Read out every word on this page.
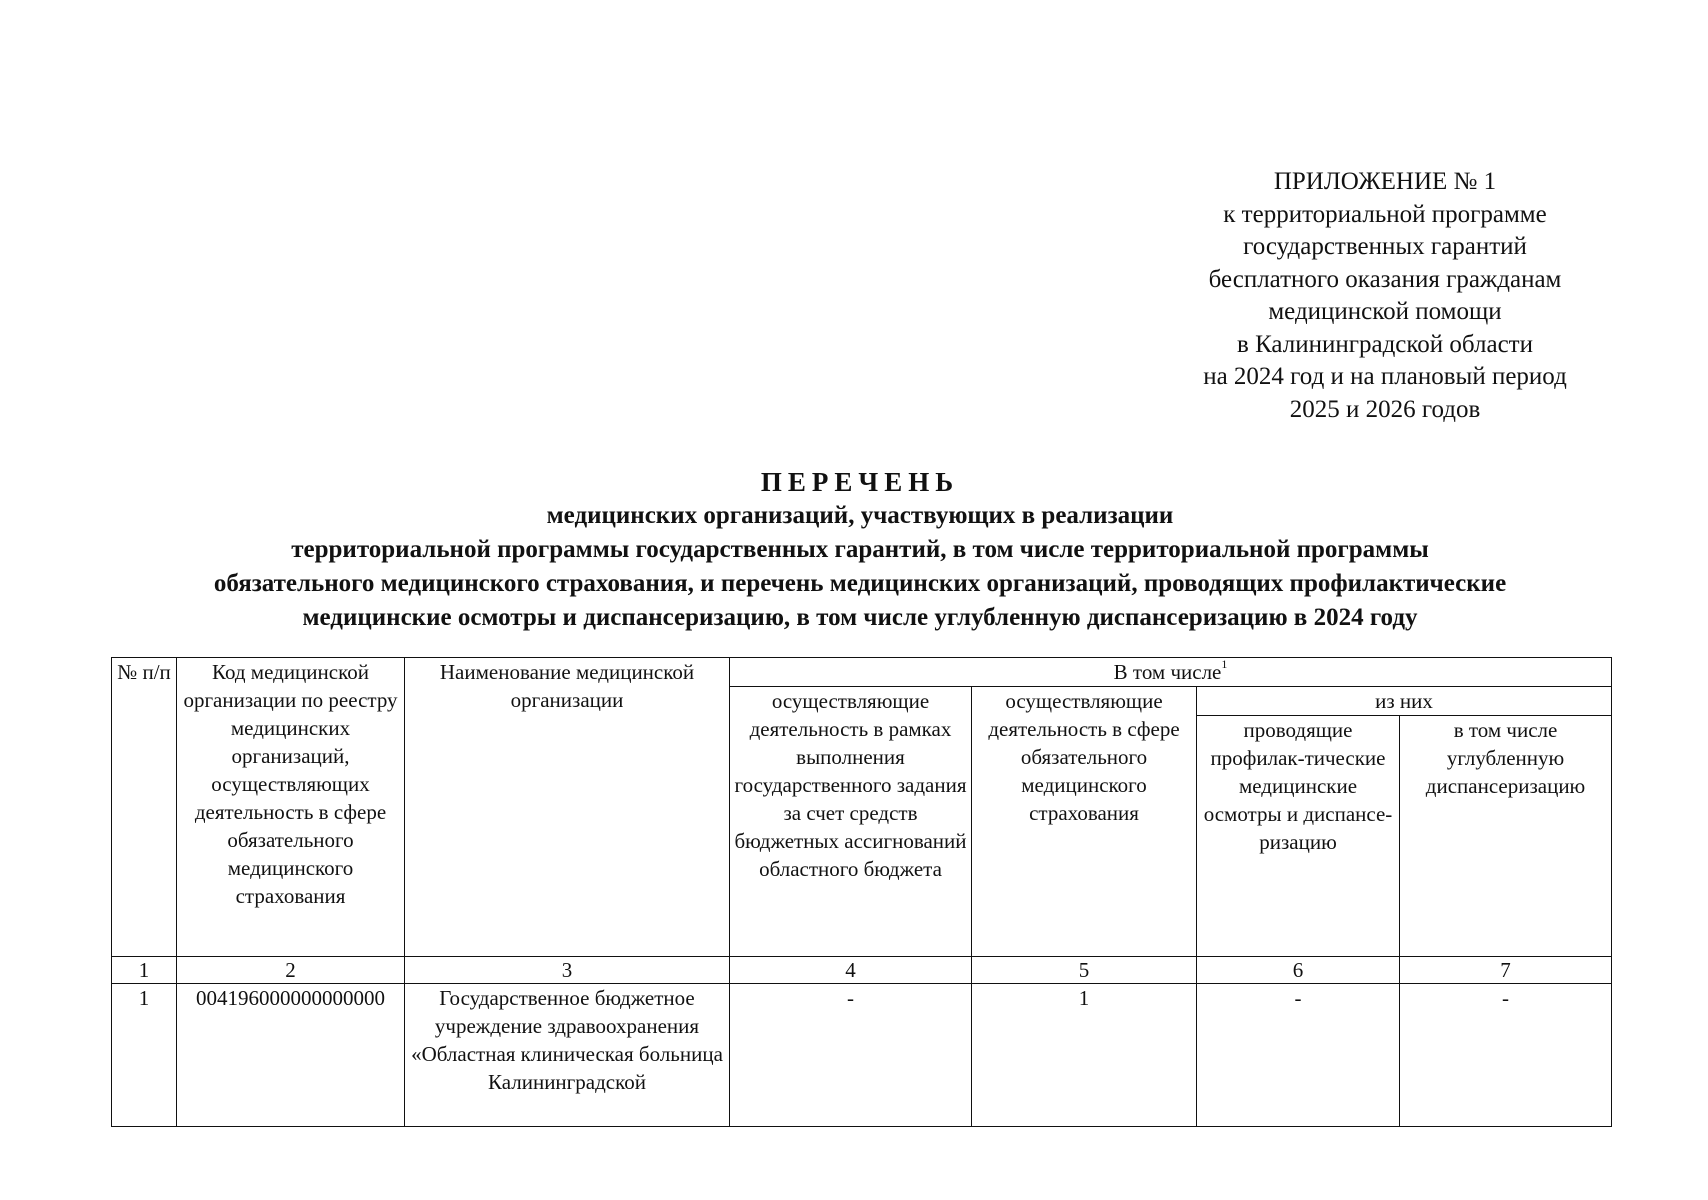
ПРИЛОЖЕНИЕ № 1
к территориальной программе
государственных гарантий
бесплатного оказания гражданам
медицинской помощи
в Калининградской области
на 2024 год и на плановый период
2025 и 2026 годов
ПЕРЕЧЕНЬ
медицинских организаций, участвующих в реализации
территориальной программы государственных гарантий, в том числе территориальной программы
обязательного медицинского страхования, и перечень медицинских организаций, проводящих профилактические
медицинские осмотры и диспансеризацию, в том числе углубленную диспансеризацию в 2024 году
№ п/п	Код медицинской организации по реестру медицинских организаций, осуществляющих деятельность в сфере обязательного медицинского страхования	Наименование медицинской организации	В том числе$^1$
			осуществляющие деятельность в рамках выполнения государственного задания за счет средств бюджетных ассигнований областного бюджета	осуществляющие деятельность в сфере обязательного медицинского страхования	из них	
					проводящие профилак-тические медицинские осмотры и диспансе-ризацию	в том числе углубленную диспансеризацию
1	2	3	4	5	6	7
1	004196000000000000	Государственное бюджетное учреждение здравоохранения «Областная клиническая больница Калининградской	-	1	-	-
